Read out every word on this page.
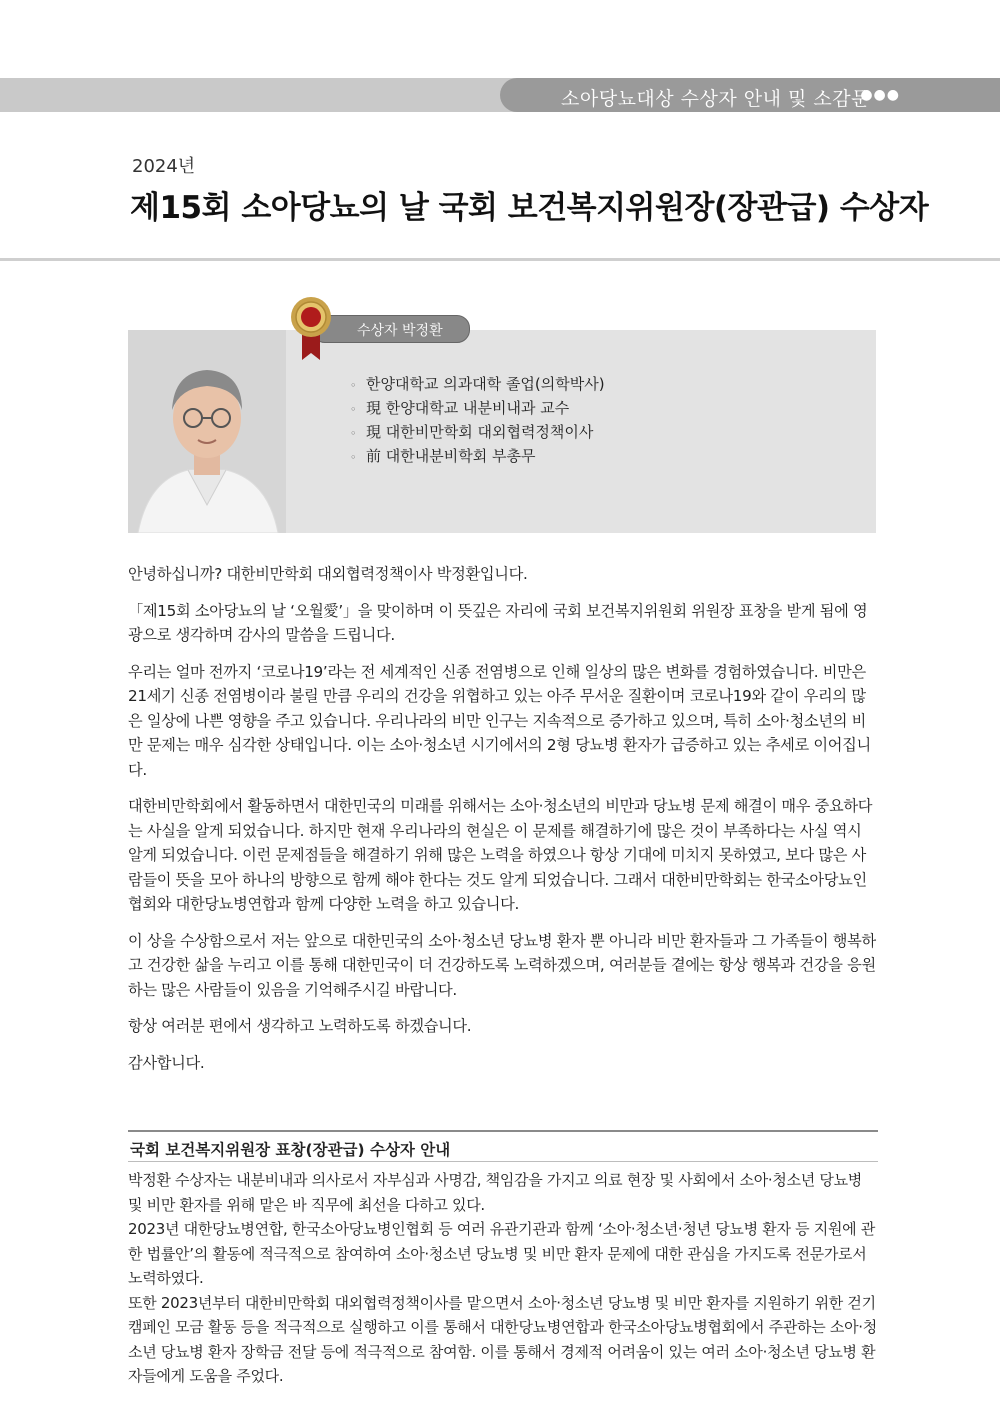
소아당뇨대상 수상자 안내 및 소감문
●●●
2024년
제15회 소아당뇨의 날 국회 보건복지위원장(장관급) 수상자
수상자 박정환
◦ 한양대학교 의과대학 졸업(의학박사)
◦ 現 한양대학교 내분비내과 교수
◦ 現 대한비만학회 대외협력정책이사
◦ 前 대한내분비학회 부총무

안녕하십니까? 대한비만학회 대외협력정책이사 박정환입니다.

「제15회 소아당뇨의 날 ‘오월愛’」을 맞이하며 이 뜻깊은 자리에 국회 보건복지위원회 위원장 표창을 받게 됨에 영광으로 생각하며 감사의 말씀을 드립니다.

우리는 얼마 전까지 ‘코로나19’라는 전 세계적인 신종 전염병으로 인해 일상의 많은 변화를 경험하였습니다. 비만은 21세기 신종 전염병이라 불릴 만큼 우리의 건강을 위협하고 있는 아주 무서운 질환이며 코로나19와 같이 우리의 많은 일상에 나쁜 영향을 주고 있습니다. 우리나라의 비만 인구는 지속적으로 증가하고 있으며, 특히 소아·청소년의 비만 문제는 매우 심각한 상태입니다. 이는 소아·청소년 시기에서의 2형 당뇨병 환자가 급증하고 있는 추세로 이어집니다.

대한비만학회에서 활동하면서 대한민국의 미래를 위해서는 소아·청소년의 비만과 당뇨병 문제 해결이 매우 중요하다는 사실을 알게 되었습니다. 하지만 현재 우리나라의 현실은 이 문제를 해결하기에 많은 것이 부족하다는 사실 역시 알게 되었습니다. 이런 문제점들을 해결하기 위해 많은 노력을 하였으나 항상 기대에 미치지 못하였고, 보다 많은 사람들이 뜻을 모아 하나의 방향으로 함께 해야 한다는 것도 알게 되었습니다. 그래서 대한비만학회는 한국소아당뇨인협회와 대한당뇨병연합과 함께 다양한 노력을 하고 있습니다.

이 상을 수상함으로서 저는 앞으로 대한민국의 소아·청소년 당뇨병 환자 뿐 아니라 비만 환자들과 그 가족들이 행복하고 건강한 삶을 누리고 이를 통해 대한민국이 더 건강하도록 노력하겠으며, 여러분들 곁에는 항상 행복과 건강을 응원하는 많은 사람들이 있음을 기억해주시길 바랍니다.

항상 여러분 편에서 생각하고 노력하도록 하겠습니다.

감사합니다.

국회 보건복지위원장 표창(장관급) 수상자 안내

박정환 수상자는 내분비내과 의사로서 자부심과 사명감, 책임감을 가지고 의료 현장 및 사회에서 소아·청소년 당뇨병 및 비만 환자를 위해 맡은 바 직무에 최선을 다하고 있다.

2023년 대한당뇨병연합, 한국소아당뇨병인협회 등 여러 유관기관과 함께 ‘소아·청소년·청년 당뇨병 환자 등 지원에 관한 법률안’의 활동에 적극적으로 참여하여 소아·청소년 당뇨병 및 비만 환자 문제에 대한 관심을 가지도록 전문가로서 노력하였다.

또한 2023년부터 대한비만학회 대외협력정책이사를 맡으면서 소아·청소년 당뇨병 및 비만 환자를 지원하기 위한 걷기 캠페인 모금 활동 등을 적극적으로 실행하고 이를 통해서 대한당뇨병연합과 한국소아당뇨병협회에서 주관하는 소아·청소년 당뇨병 환자 장학금 전달 등에 적극적으로 참여함. 이를 통해서 경제적 어려움이 있는 여러 소아·청소년 당뇨병 환자들에게 도움을 주었다.
